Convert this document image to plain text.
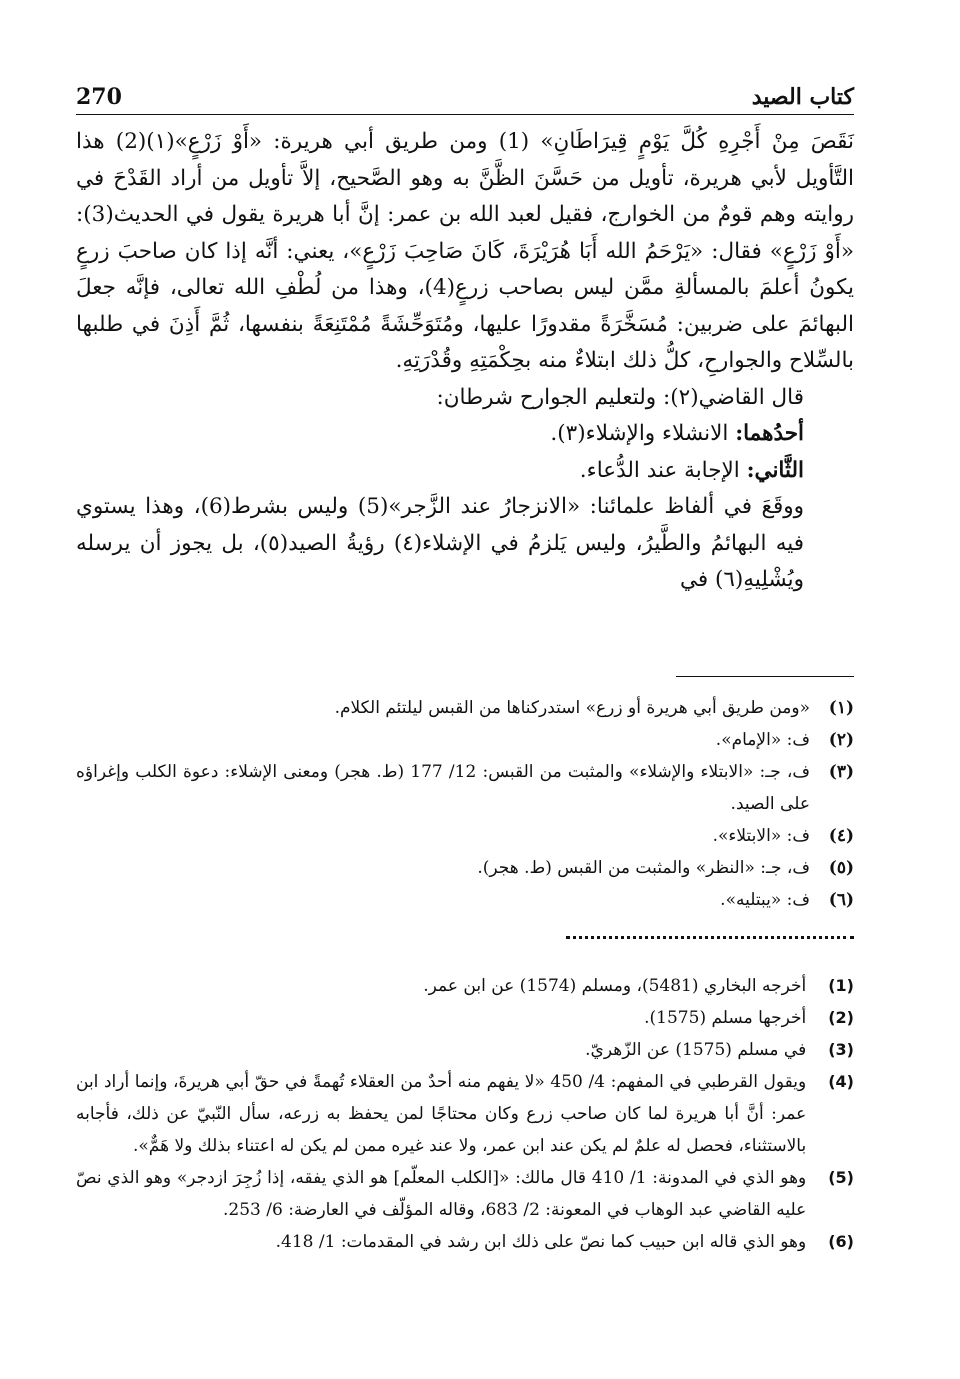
270	كتاب الصيد

نَقَصَ مِنْ أَجْرِهِ كُلَّ يَوْمٍ قِيرَاطَانِ» (1) ومن طريق أبي هريرة: «أَوْ زَرْعٍ»(١)(2) هذا التَّأويل لأبي هريرة، تأويل من حَسَّنَ الظَّنَّ به وهو الصَّحيح، إلاَّ تأويل من أراد القَدْحَ في روايته وهم قومٌ من الخوارج، فقيل لعبد الله بن عمر: إنَّ أبا هريرة يقول في الحديث(3): «أَوْ زَرْعٍ» فقال: «يَرْحَمُ الله أَبَا هُرَيْرَةَ، كَانَ صَاحِبَ زَرْعٍ»، يعني: أنَّه إذا كان صاحبَ زرعٍ يكونُ أعلمَ بالمسألةِ ممَّن ليس بصاحب زرعٍ(4)، وهذا من لُطْفِ الله تعالى، فإنَّه جعلَ البهائمَ على ضربين: مُسَخَّرَةً مقدورًا عليها، ومُتَوَحِّشَةً مُمْتَنِعَةً بنفسها، ثُمَّ أَذِنَ في طلبها بالسِّلاح والجوارحِ، كلُّ ذلك ابتلاءٌ منه بحِكْمَتِهِ وقُدْرَتِهِ.

قال القاضي(٢): ولتعليم الجوارح شرطان:

أحدُهما: الانشلاء والإشلاء(٣).

الثَّاني: الإجابة عند الدُّعاء.

ووقَعَ في ألفاظ علمائنا: «الانزجارُ عند الزَّجر»(5) وليس بشرط(6)، وهذا يستوي فيه البهائمُ والطَّيرُ، وليس يَلزمُ في الإشلاء(٤) رؤيةُ الصيد(٥)، بل يجوز أن يرسله ويُشْلِيهِ(٦) في

(١)
«ومن طريق أبي هريرة أو زرع» استدركناها من القبس ليلتئم الكلام.
(٢)
ف: «الإمام».
(٣)
ف، جـ: «الابتلاء والإشلاء» والمثبت من القبس: 12/ 177 (ط. هجر) ومعنى الإشلاء: دعوة الكلب وإغراؤه على الصيد.
(٤)
ف: «الابتلاء».
(٥)
ف، جـ: «النظر» والمثبت من القبس (ط. هجر).
(٦)
ف: «يبتليه».
(1)
أخرجه البخاري (5481)، ومسلم (1574) عن ابن عمر.
(2)
أخرجها مسلم (1575).
(3)
في مسلم (1575) عن الزّهريّ.
(4)
ويقول القرطبي في المفهم: 4/ 450 «لا يفهم منه أحدٌ من العقلاء تُهمةً في حقّ أبي هريرةَ، وإنما أراد ابن عمر: أنَّ أبا هريرة لما كان صاحب زرع وكان محتاجًا لمن يحفظ به زرعه، سأل النّبيّ عن ذلك، فأجابه بالاستثناء، فحصل له علمٌ لم يكن عند ابن عمر، ولا عند غيره ممن لم يكن له اعتناء بذلك ولا هَمٌّ».
(5)
وهو الذي في المدونة: 1/ 410 قال مالك: «[الكلب المعلّم] هو الذي يفقه، إذا زُجِرَ ازدجر» وهو الذي نصّ عليه القاضي عبد الوهاب في المعونة: 2/ 683، وقاله المؤلّف في العارضة: 6/ 253.
(6)
وهو الذي قاله ابن حبيب كما نصّ على ذلك ابن رشد في المقدمات: 1/ 418.
